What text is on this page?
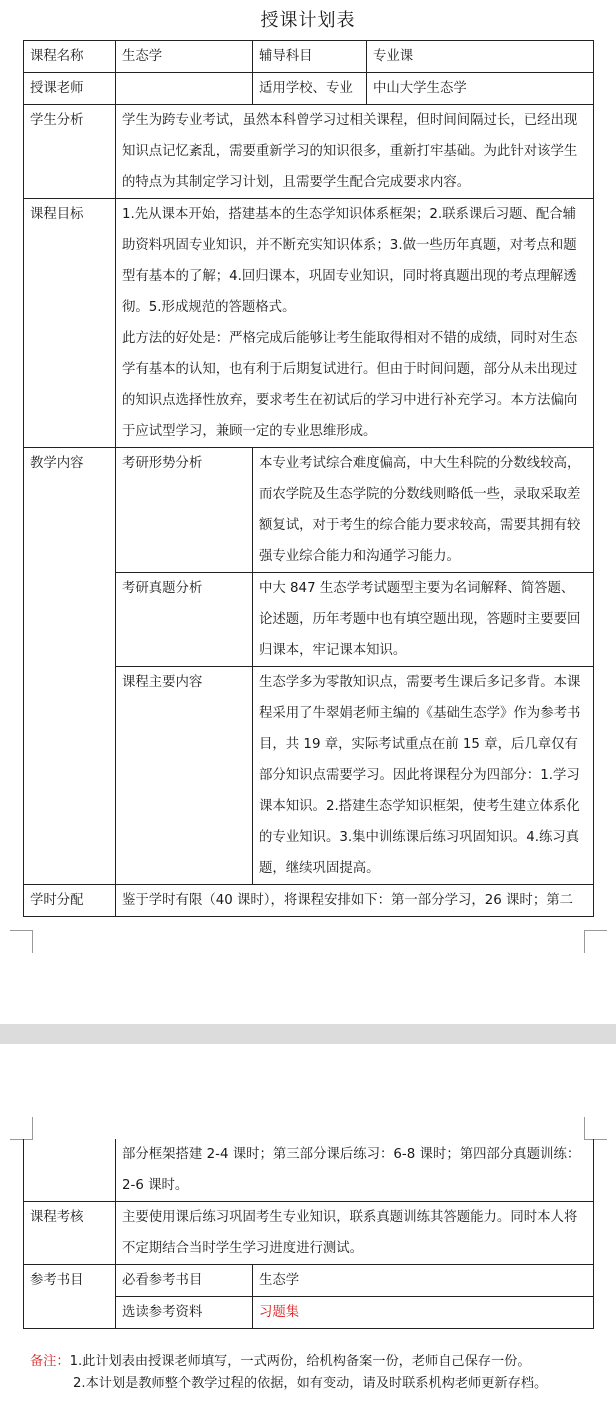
授课计划表
课程名称	生态学	辅导科目	专业课
授课老师		适用学校、专业	中山大学生态学
学生分析	学生为跨专业考试，虽然本科曾学习过相关课程，但时间间隔过长，已经出现知识点记忆紊乱，需要重新学习的知识很多，重新打牢基础。为此针对该学生的特点为其制定学习计划，且需要学生配合完成要求内容。		
课程目标	1.先从课本开始，搭建基本的生态学知识体系框架；2.联系课后习题、配合辅助资料巩固专业知识，并不断充实知识体系；3.做一些历年真题，对考点和题型有基本的了解；4.回归课本，巩固专业知识，同时将真题出现的考点理解透彻。5.形成规范的答题格式。
此方法的好处是：严格完成后能够让考生能取得相对不错的成绩，同时对生态学有基本的认知，也有利于后期复试进行。但由于时间问题，部分从未出现过的知识点选择性放弃，要求考生在初试后的学习中进行补充学习。本方法偏向于应试型学习，兼顾一定的专业思维形成。		

教学内容	考研形势分析	本专业考试综合难度偏高，中大生科院的分数线较高，而农学院及生态学院的分数线则略低一些，录取采取差额复试，对于考生的综合能力要求较高，需要其拥有较强专业综合能力和沟通学习能力。	
	考研真题分析	中大 847 生态学考试题型主要为名词解释、简答题、论述题，历年考题中也有填空题出现，答题时主要要回归课本，牢记课本知识。	
	课程主要内容	生态学多为零散知识点，需要考生课后多记多背。本课程采用了牛翠娟老师主编的《基础生态学》作为参考书目，共 19 章，实际考试重点在前 15 章，后几章仅有部分知识点需要学习。因此将课程分为四部分：1.学习课本知识。2.搭建生态学知识框架，使考生建立体系化的专业知识。3.集中训练课后练习巩固知识。4.练习真题，继续巩固提高。	
学时分配	鉴于学时有限（40 课时），将课程安排如下：第一部分学习，26 课时；第二		
	部分框架搭建 2-4 课时；第三部分课后练习：6-8 课时；第四部分真题训练：2-6 课时。	
课程考核	主要使用课后练习巩固考生专业知识，联系真题训练其答题能力。同时本人将不定期结合当时学生学习进度进行测试。	
参考书目	必看参考书目	生态学
	选读参考资料	习题集

备注：1.此计划表由授课老师填写，一式两份，给机构备案一份，老师自己保存一份。

2.本计划是教师整个教学过程的依据，如有变动，请及时联系机构老师更新存档。
